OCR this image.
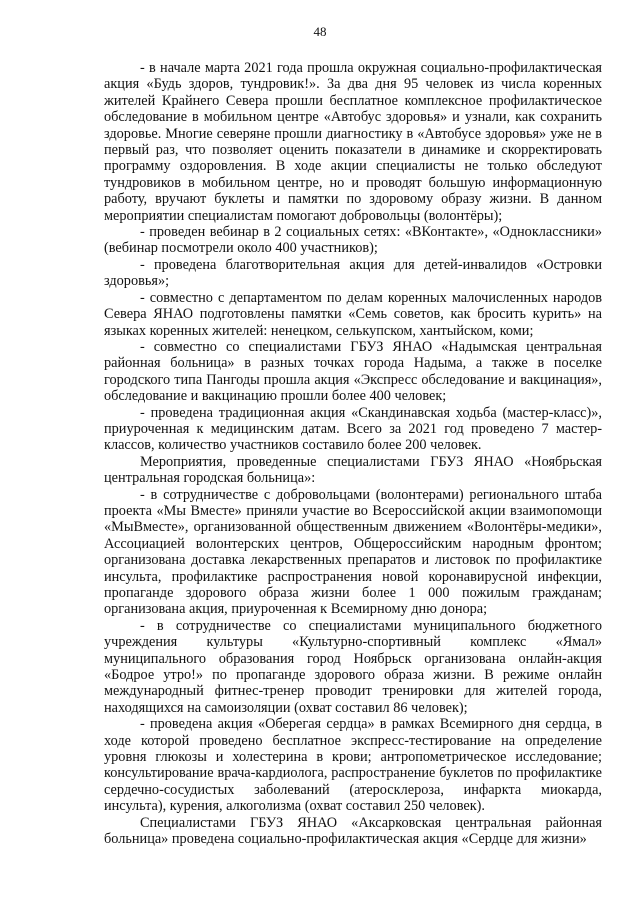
48

- в начале марта 2021 года прошла окружная социально-профилактическая акция «Будь здоров, тундровик!». За два дня 95 человек из числа коренных жителей Крайнего Севера прошли бесплатное комплексное профилактическое обследование в мобильном центре «Автобус здоровья» и узнали, как сохранить здоровье. Многие северяне прошли диагностику в «Автобусе здоровья» уже не в первый раз, что позволяет оценить показатели в динамике и скорректировать программу оздоровления. В ходе акции специалисты не только обследуют тундровиков в мобильном центре, но и проводят большую информационную работу, вручают буклеты и памятки по здоровому образу жизни. В данном мероприятии специалистам помогают добровольцы (волонтёры);

- проведен вебинар в 2 социальных сетях: «ВКонтакте», «Одноклассники» (вебинар посмотрели около 400 участников);

- проведена благотворительная акция для детей-инвалидов «Островки здоровья»;

- совместно с департаментом по делам коренных малочисленных народов Севера ЯНАО подготовлены памятки «Семь советов, как бросить курить» на языках коренных жителей: ненецком, селькупском, хантыйском, коми;

- совместно со специалистами ГБУЗ ЯНАО «Надымская центральная районная больница» в разных точках города Надыма, а также в поселке городского типа Пангоды прошла акция «Экспресс обследование и вакцинация», обследование и вакцинацию прошли более 400 человек;

- проведена традиционная акция «Скандинавская ходьба (мастер-класс)», приуроченная к медицинским датам. Всего за 2021 год проведено 7 мастер-классов, количество участников составило более 200 человек.

Мероприятия, проведенные специалистами ГБУЗ ЯНАО «Ноябрьская центральная городская больница»:

- в сотрудничестве с добровольцами (волонтерами) регионального штаба проекта «Мы Вместе» приняли участие во Всероссийской акции взаимопомощи «МыВместе», организованной общественным движением «Волонтёры-медики», Ассоциацией волонтерских центров, Общероссийским народным фронтом; организована доставка лекарственных препаратов и листовок по профилактике инсульта, профилактике распространения новой коронавирусной инфекции, пропаганде здорового образа жизни более 1 000 пожилым гражданам; организована акция, приуроченная к Всемирному дню донора;

- в сотрудничестве со специалистами муниципального бюджетного учреждения культуры «Культурно-спортивный комплекс «Ямал» муниципального образования город Ноябрьск организована онлайн-акция «Бодрое утро!» по пропаганде здорового образа жизни. В режиме онлайн международный фитнес-тренер проводит тренировки для жителей города, находящихся на самоизоляции (охват составил 86 человек);

- проведена акция «Оберегая сердца» в рамках Всемирного дня сердца, в ходе которой проведено бесплатное экспресс-тестирование на определение уровня глюкозы и холестерина в крови; антропометрическое исследование; консультирование врача-кардиолога, распространение буклетов по профилактике сердечно-сосудистых заболеваний (атеросклероза, инфаркта миокарда, инсульта), курения, алкоголизма (охват составил 250 человек).

Специалистами ГБУЗ ЯНАО «Аксарковская центральная районная больница» проведена социально-профилактическая акция «Сердце для жизни»
